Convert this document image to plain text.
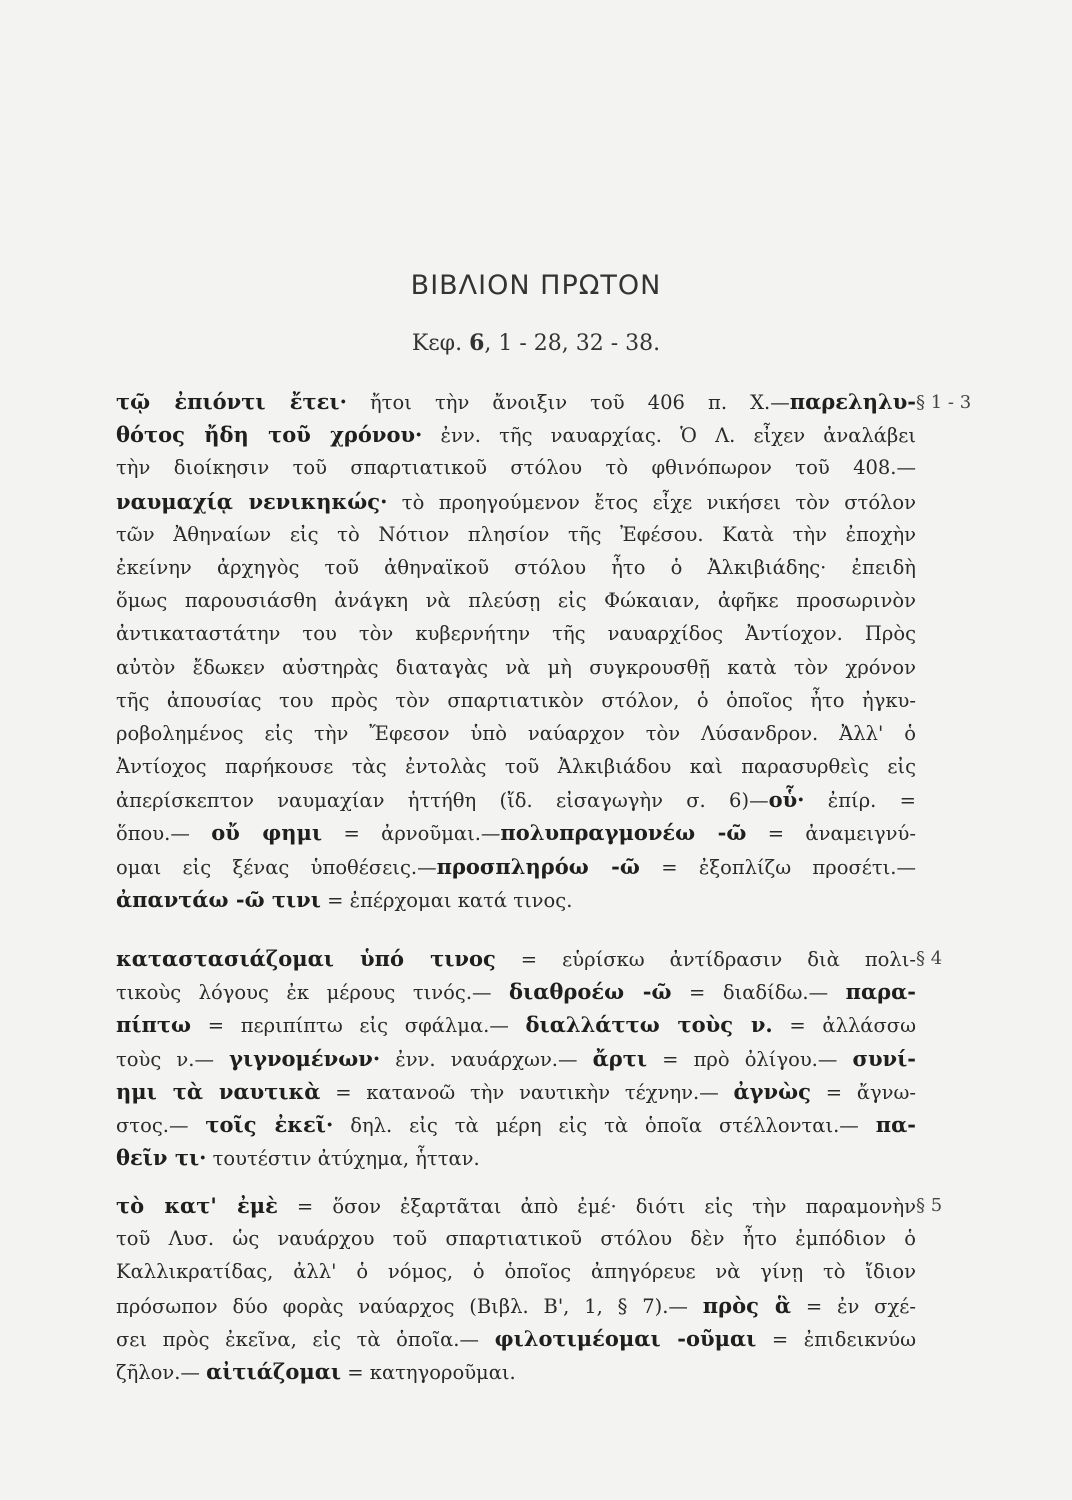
ΒΙΒΛΙΟΝ ΠΡΩΤΟΝ
Κεφ. 6, 1 - 28, 32 - 38.
§ 1 - 3
§ 4
§ 5
τῷ ἐπιόντι ἔτει· ἤτοι τὴν ἄνοιξιν τοῦ 406 π. Χ.—παρεληλυ-
θότος ἤδη τοῦ χρόνου· ἐνν. τῆς ναυαρχίας. Ὁ Λ. εἶχεν ἀναλάβει
τὴν διοίκησιν τοῦ σπαρτιατικοῦ στόλου τὸ φθινόπωρον τοῦ 408.—
ναυμαχίᾳ νενικηκώς· τὸ προηγούμενον ἔτος εἶχε νικήσει τὸν στόλον
τῶν Ἀθηναίων εἰς τὸ Νότιον πλησίον τῆς Ἐφέσου. Κατὰ τὴν ἐποχὴν
ἐκείνην ἀρχηγὸς τοῦ ἀθηναϊκοῦ στόλου ἦτο ὁ Ἀλκιβιάδης· ἐπειδὴ
ὅμως παρουσιάσθη ἀνάγκη νὰ πλεύσῃ εἰς Φώκαιαν, ἀφῆκε προσωρινὸν
ἀντικαταστάτην του τὸν κυβερνήτην τῆς ναυαρχίδος Ἀντίοχον. Πρὸς
αὐτὸν ἔδωκεν αὐστηρὰς διαταγὰς νὰ μὴ συγκρουσθῇ κατὰ τὸν χρόνον
τῆς ἀπουσίας του πρὸς τὸν σπαρτιατικὸν στόλον, ὁ ὁποῖος ἦτο ἠγκυ-
ροβολημένος εἰς τὴν Ἔφεσον ὑπὸ ναύαρχον τὸν Λύσανδρον. Ἀλλ' ὁ
Ἀντίοχος παρήκουσε τὰς ἐντολὰς τοῦ Ἀλκιβιάδου καὶ παρασυρθεὶς εἰς
ἀπερίσκεπτον ναυμαχίαν ἡττήθη (ἴδ. εἰσαγωγὴν σ. 6)—οὗ· ἐπίρ. =
ὅπου.— οὔ φημι = ἀρνοῦμαι.—πολυπραγμονέω -ῶ = ἀναμειγνύ-
ομαι εἰς ξένας ὑποθέσεις.—προσπληρόω -ῶ = ἐξοπλίζω προσέτι.—
ἀπαντάω -ῶ τινι = ἐπέρχομαι κατά τινος.
καταστασιάζομαι ὑπό τινος = εὑρίσκω ἀντίδρασιν διὰ πολι-
τικοὺς λόγους ἐκ μέρους τινός.— διαθροέω -ῶ = διαδίδω.— παρα-
πίπτω = περιπίπτω εἰς σφάλμα.— διαλλάττω τοὺς ν. = ἀλλάσσω
τοὺς ν.— γιγνομένων· ἐνν. ναυάρχων.— ἄρτι = πρὸ ὀλίγου.— συνί-
ημι τὰ ναυτικὰ = κατανοῶ τὴν ναυτικὴν τέχνην.— ἀγνὼς = ἄγνω-
στος.— τοῖς ἐκεῖ· δηλ. εἰς τὰ μέρη εἰς τὰ ὁποῖα στέλλονται.— πα-
θεῖν τι· τουτέστιν ἀτύχημα, ἧτταν.
τὸ κατ' ἐμὲ = ὅσον ἐξαρτᾶται ἀπὸ ἐμέ· διότι εἰς τὴν παραμονὴν
τοῦ Λυσ. ὡς ναυάρχου τοῦ σπαρτιατικοῦ στόλου δὲν ἦτο ἐμπόδιον ὁ
Καλλικρατίδας, ἀλλ' ὁ νόμος, ὁ ὁποῖος ἀπηγόρευε νὰ γίνῃ τὸ ἴδιον
πρόσωπον δύο φορὰς ναύαρχος (Βιβλ. Β', 1, § 7).— πρὸς ἃ = ἐν σχέ-
σει πρὸς ἐκεῖνα, εἰς τὰ ὁποῖα.— φιλοτιμέομαι -οῦμαι = ἐπιδεικνύω
ζῆλον.— αἰτιάζομαι = κατηγοροῦμαι.
